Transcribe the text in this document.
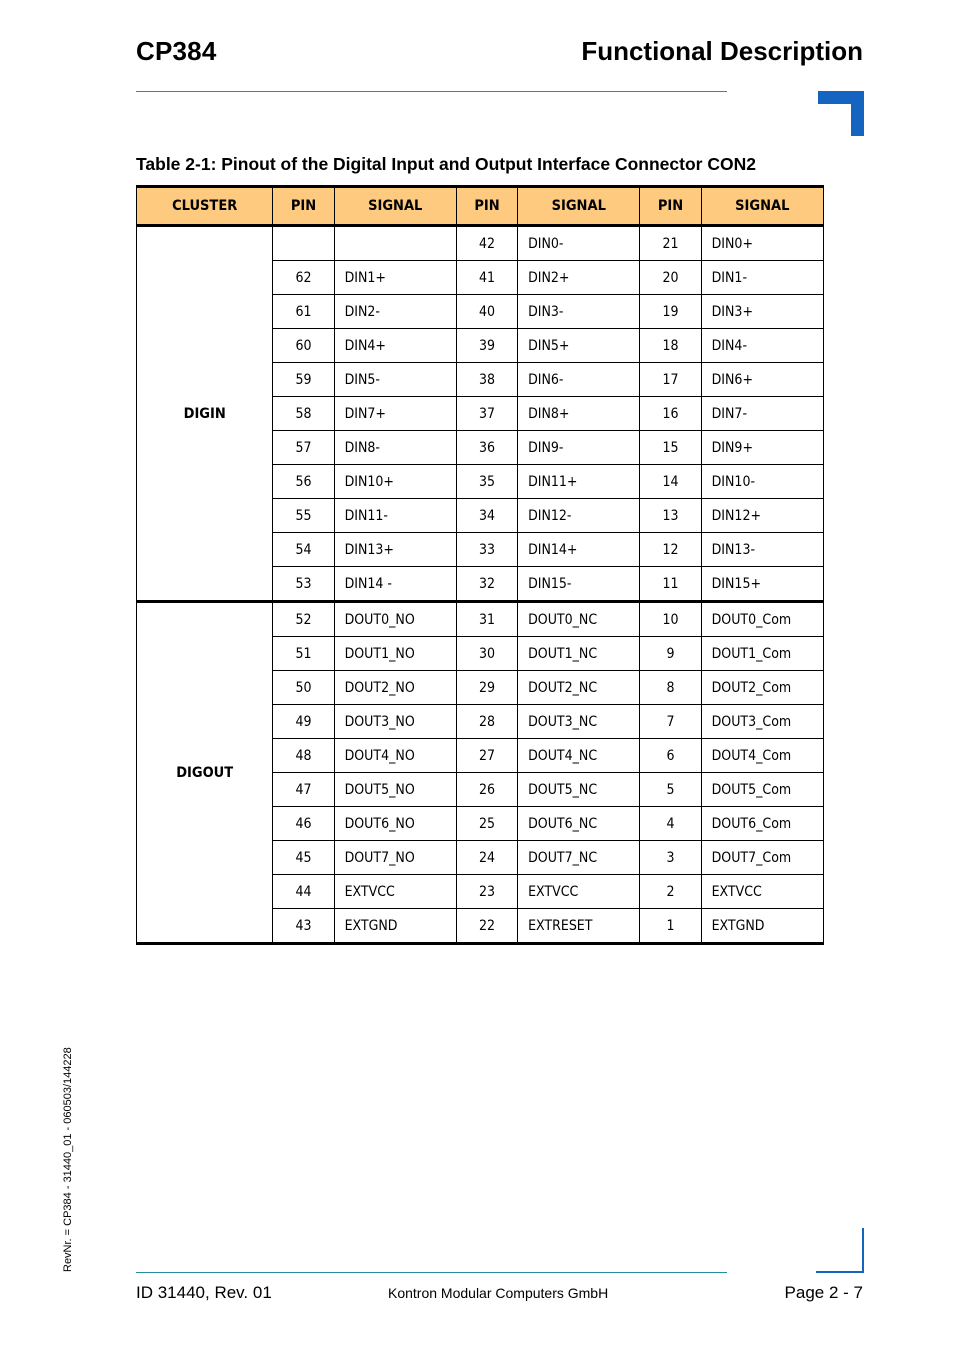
CP384	Functional Description
Table 2-1: Pinout of the Digital Input and Output Interface Connector CON2
CLUSTER	PIN	SIGNAL	PIN	SIGNAL	PIN	SIGNAL
DIGIN			42	DIN0-	21	DIN0+
	62	DIN1+	41	DIN2+	20	DIN1-
	61	DIN2-	40	DIN3-	19	DIN3+
	60	DIN4+	39	DIN5+	18	DIN4-
	59	DIN5-	38	DIN6-	17	DIN6+
	58	DIN7+	37	DIN8+	16	DIN7-
	57	DIN8-	36	DIN9-	15	DIN9+
	56	DIN10+	35	DIN11+	14	DIN10-
	55	DIN11-	34	DIN12-	13	DIN12+
	54	DIN13+	33	DIN14+	12	DIN13-
	53	DIN14 -	32	DIN15-	11	DIN15+
DIGOUT	52	DOUT0_NO	31	DOUT0_NC	10	DOUT0_Com
	51	DOUT1_NO	30	DOUT1_NC	9	DOUT1_Com
	50	DOUT2_NO	29	DOUT2_NC	8	DOUT2_Com
	49	DOUT3_NO	28	DOUT3_NC	7	DOUT3_Com
	48	DOUT4_NO	27	DOUT4_NC	6	DOUT4_Com
	47	DOUT5_NO	26	DOUT5_NC	5	DOUT5_Com
	46	DOUT6_NO	25	DOUT6_NC	4	DOUT6_Com
	45	DOUT7_NO	24	DOUT7_NC	3	DOUT7_Com
	44	EXTVCC	23	EXTVCC	2	EXTVCC
	43	EXTGND	22	EXTRESET	1	EXTGND
RevNr. = CP384 - 31440_01 - 060503/144228
ID 31440, Rev. 01	Kontron Modular Computers GmbH	Page 2 - 7
